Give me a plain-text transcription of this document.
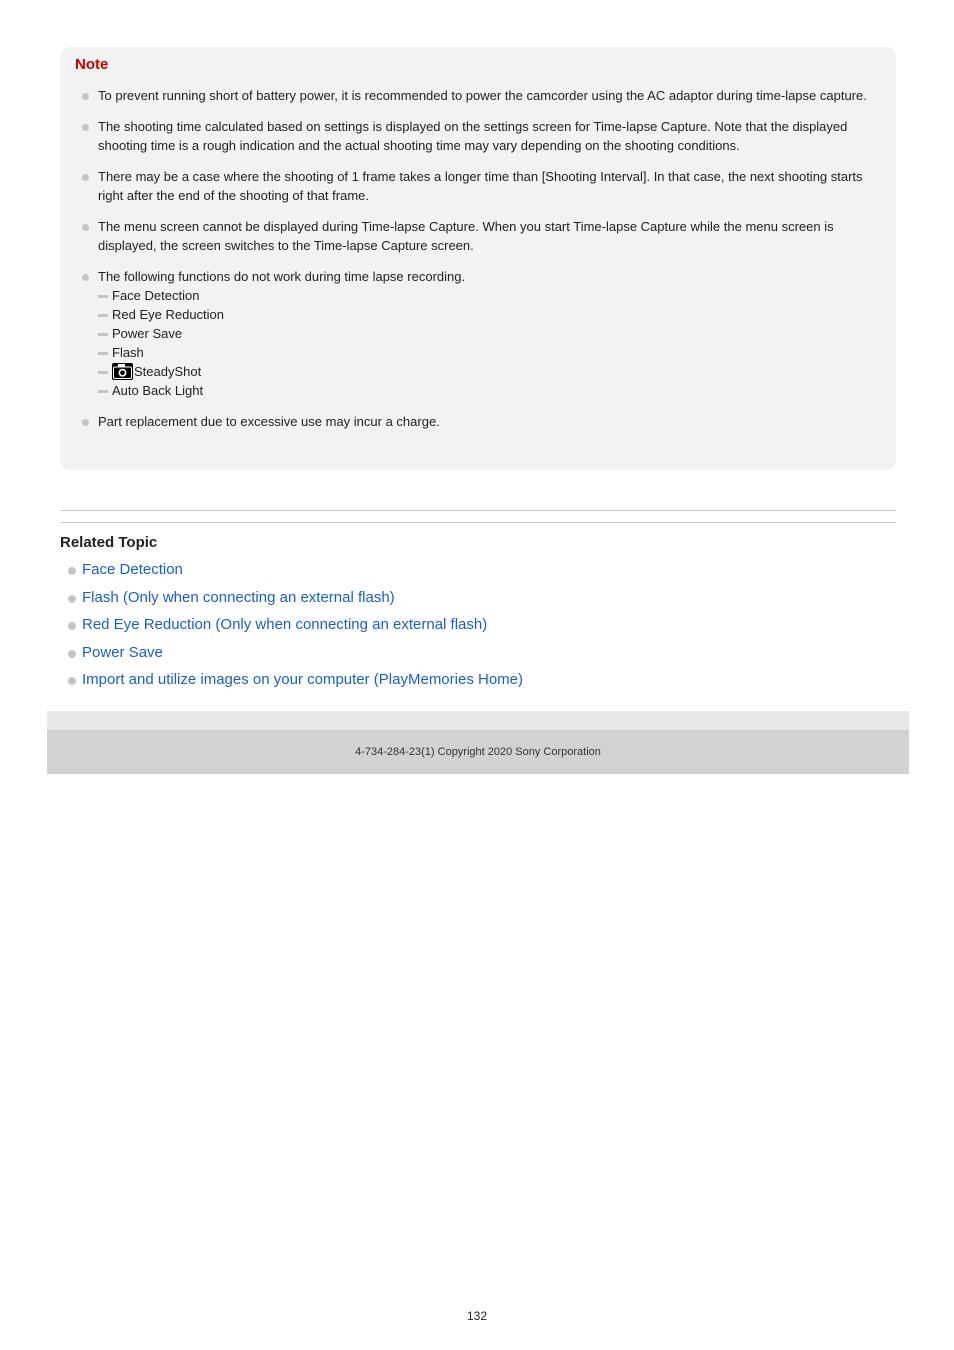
Note
To prevent running short of battery power, it is recommended to power the camcorder using the AC adaptor during time-lapse capture.
The shooting time calculated based on settings is displayed on the settings screen for Time-lapse Capture. Note that the displayed shooting time is a rough indication and the actual shooting time may vary depending on the shooting conditions.
There may be a case where the shooting of 1 frame takes a longer time than [Shooting Interval]. In that case, the next shooting starts right after the end of the shooting of that frame.
The menu screen cannot be displayed during Time-lapse Capture. When you start Time-lapse Capture while the menu screen is displayed, the screen switches to the Time-lapse Capture screen.
The following functions do not work during time lapse recording.
Face Detection
Red Eye Reduction
Power Save
Flash
SteadyShot
Auto Back Light
Part replacement due to excessive use may incur a charge.
Related Topic
Face Detection
Flash (Only when connecting an external flash)
Red Eye Reduction (Only when connecting an external flash)
Power Save
Import and utilize images on your computer (PlayMemories Home)
4-734-284-23(1) Copyright 2020 Sony Corporation
132
